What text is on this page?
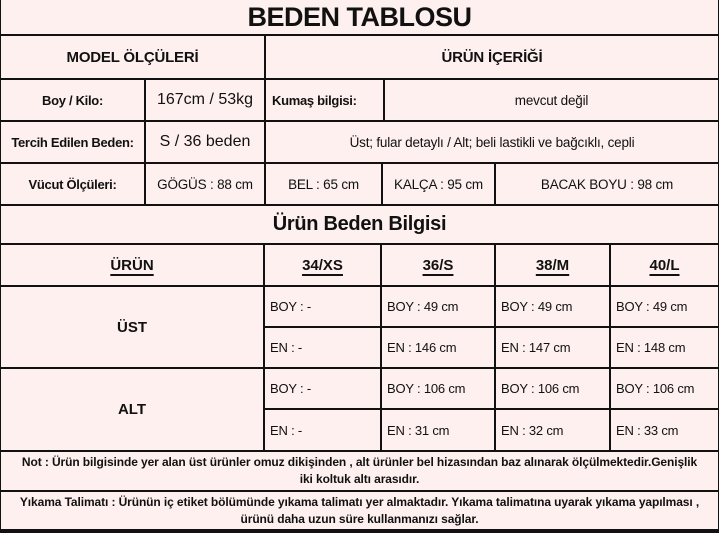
BEDEN TABLOSU
MODEL ÖLÇÜLERİ	ÜRÜN İÇERİĞİ
Boy / Kilo:	167cm / 53kg	Kumaş bilgisi:	mevcut değil
Tercih Edilen Beden:	S / 36 beden	Üst; fular detaylı / Alt; beli lastikli ve bağcıklı, cepli
Vücut Ölçüleri:	GÖGÜS : 88 cm	BEL : 65 cm	KALÇA : 95 cm	BACAK BOYU : 98 cm
Ürün Beden Bilgisi
ÜRÜN	34/XS	36/S	38/M	40/L
ÜST
BOY : -	BOY : 49 cm	BOY : 49 cm	BOY : 49 cm
EN : -	EN : 146 cm	EN : 147 cm	EN : 148 cm
ALT
BOY : -	BOY : 106 cm	BOY : 106 cm	BOY : 106 cm
EN : -	EN : 31 cm	EN : 32 cm	EN : 33 cm
Not : Ürün bilgisinde yer alan üst ürünler omuz dikişinden , alt ürünler bel hizasından baz alınarak ölçülmektedir.Genişlik iki koltuk altı arasıdır.
Yıkama Talimatı : Ürünün iç etiket bölümünde yıkama talimatı yer almaktadır. Yıkama talimatına uyarak yıkama yapılması , ürünü daha uzun süre kullanmanızı sağlar.
